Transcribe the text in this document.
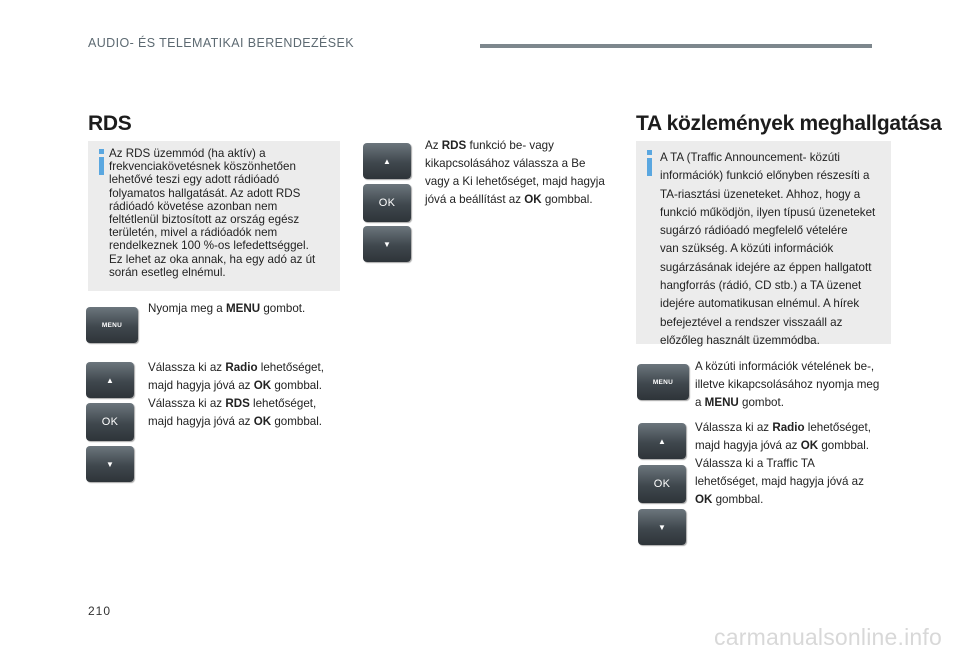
AUDIO- ÉS TELEMATIKAI BERENDEZÉSEK
RDS
Az RDS üzemmód (ha aktív) a
frekvenciakövetésnek köszönhetően
lehetővé teszi egy adott rádióadó
folyamatos hallgatását. Az adott RDS
rádióadó követése azonban nem
feltétlenül biztosított az ország egész
területén, mivel a rádióadók nem
rendelkeznek 100 %-os lefedettséggel.
Ez lehet az oka annak, ha egy adó az út
során esetleg elnémul.
MENU
Nyomja meg a MENU gombot.
▲
OK
▼
Válassza ki az Radio lehetőséget,
majd hagyja jóvá az OK gombbal.
Válassza ki az RDS lehetőséget,
majd hagyja jóvá az OK gombbal.
▲
OK
▼
Az RDS funkció be- vagy
kikapcsolásához válassza a Be
vagy a Ki lehetőséget, majd hagyja
jóvá a beállítást az OK gombbal.
TA közlemények meghallgatása
A TA (Traffic Announcement- közúti
információk) funkció előnyben részesíti a
TA-riasztási üzeneteket. Ahhoz, hogy a
funkció működjön, ilyen típusú üzeneteket
sugárzó rádióadó megfelelő vételére
van szükség. A közúti információk
sugárzásának idejére az éppen hallgatott
hangforrás (rádió, CD stb.) a TA üzenet
idejére automatikusan elnémul. A hírek
befejeztével a rendszer visszaáll az
előzőleg használt üzemmódba.
MENU
A közúti információk vételének be-,
illetve kikapcsolásához nyomja meg
a MENU gombot.
▲
OK
▼
Válassza ki az Radio lehetőséget,
majd hagyja jóvá az OK gombbal.
Válassza ki a Traffic TA
lehetőséget, majd hagyja jóvá az
OK gombbal.
210
carmanualsonline.info
